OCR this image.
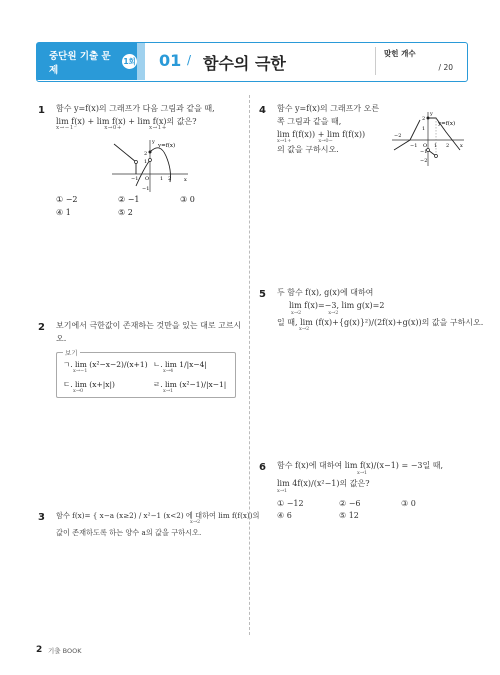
중단원 기출 문제
1회 01 / 함수의 극한
맞힌 개수
/ 20
1 함수 y=f(x)의 그래프가 다음 그림과 같을 때,
lim f(x) + lim f(x) + lim f(x)의 값은?
x→−1⁻	x→0+	x→1+
y=f(x)
y
x
O
−1	1 2
2
1
−1
① −2	② −1	③ 0
④ 1	⑤ 2
2 보기에서 극한값이 존재하는 것만을 있는 대로 고르시
오.
보기
ㄱ. lim (x²−x−2)/(x+1) ㄴ. lim 1/|x−4|
ㄷ. lim (x+|x|)	ㄹ. lim (x²−1)/|x−1|
x→−1	x→4
x→0	x→1
3 함수 f(x)= { x−a (x≥2) / x²−1 (x<2) 에 대하여 lim f(f(x))의
x→2
값이 존재하도록 하는 양수 a의 값을 구하시오.
4 함수 y=f(x)의 그래프가 오른
쪽 그림과 같을 때,
lim f(f(x)) + lim f(f(x))
x→1+	x→0−
의 값을 구하시오.
y=f(x)
y
x
O
−2
−1	1 2
2
1
−1
−2
5 두 함수 f(x), g(x)에 대하여
lim f(x)=−3, lim g(x)=2
x→2	x→2
일 때, lim (f(x)+{g(x)}²)/(2f(x)+g(x))의 값을 구하시오.
x→2
6 함수 f(x)에 대하여 lim f(x)/(x−1) = −3일 때,
x→1
lim 4f(x)/(x²−1)의 값은?
x→1
① −12	② −6	③ 0
④ 6	⑤ 12
2 기출 BOOK
